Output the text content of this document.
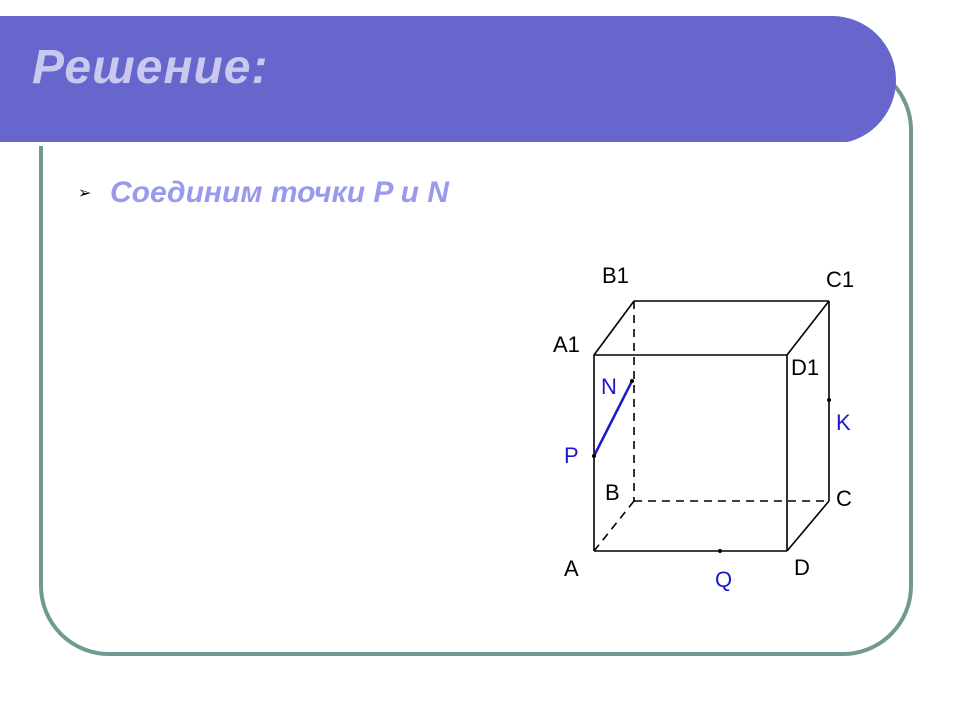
Решение:
➢ Соединим точки P и N
B1	C1
A1
D1
B	C
A	D
N
P
K
Q
